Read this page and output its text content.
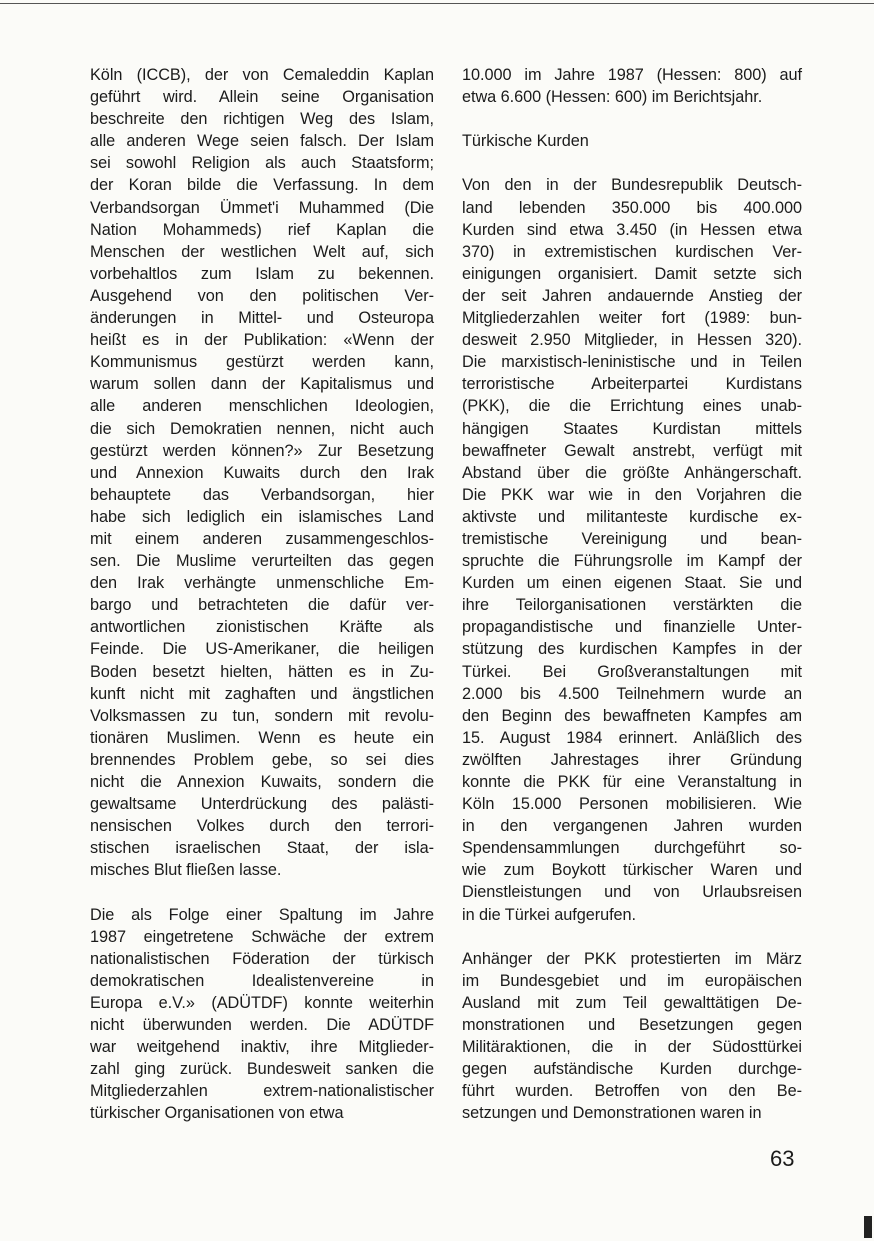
Köln (ICCB), der von Cemaleddin Kaplan
geführt wird. Allein seine Organisation
beschreite den richtigen Weg des Islam,
alle anderen Wege seien falsch. Der Islam
sei sowohl Religion als auch Staatsform;
der Koran bilde die Verfassung. In dem
Verbandsorgan Ümmet'i Muhammed (Die
Nation Mohammeds) rief Kaplan die
Menschen der westlichen Welt auf, sich
vorbehaltlos zum Islam zu bekennen.
Ausgehend von den politischen Ver-
änderungen in Mittel- und Osteuropa
heißt es in der Publikation: «Wenn der
Kommunismus gestürzt werden kann,
warum sollen dann der Kapitalismus und
alle anderen menschlichen Ideologien,
die sich Demokratien nennen, nicht auch
gestürzt werden können?» Zur Besetzung
und Annexion Kuwaits durch den Irak
behauptete das Verbandsorgan, hier
habe sich lediglich ein islamisches Land
mit einem anderen zusammengeschlos-
sen. Die Muslime verurteilten das gegen
den Irak verhängte unmenschliche Em-
bargo und betrachteten die dafür ver-
antwortlichen zionistischen Kräfte als
Feinde. Die US-Amerikaner, die heiligen
Boden besetzt hielten, hätten es in Zu-
kunft nicht mit zaghaften und ängstlichen
Volksmassen zu tun, sondern mit revolu-
tionären Muslimen. Wenn es heute ein
brennendes Problem gebe, so sei dies
nicht die Annexion Kuwaits, sondern die
gewaltsame Unterdrückung des palästi-
nensischen Volkes durch den terrori-
stischen israelischen Staat, der isla-
misches Blut fließen lasse.

Die als Folge einer Spaltung im Jahre
1987 eingetretene Schwäche der extrem
nationalistischen Föderation der türkisch
demokratischen Idealistenvereine in
Europa e.V.» (ADÜTDF) konnte weiterhin
nicht überwunden werden. Die ADÜTDF
war weitgehend inaktiv, ihre Mitglieder-
zahl ging zurück. Bundesweit sanken die
Mitgliederzahlen extrem-nationalistischer
türkischer Organisationen von etwa

10.000 im Jahre 1987 (Hessen: 800) auf
etwa 6.600 (Hessen: 600) im Berichtsjahr.

Türkische Kurden

Von den in der Bundesrepublik Deutsch-
land lebenden 350.000 bis 400.000
Kurden sind etwa 3.450 (in Hessen etwa
370) in extremistischen kurdischen Ver-
einigungen organisiert. Damit setzte sich
der seit Jahren andauernde Anstieg der
Mitgliederzahlen weiter fort (1989: bun-
desweit 2.950 Mitglieder, in Hessen 320).
Die marxistisch-leninistische und in Teilen
terroristische Arbeiterpartei Kurdistans
(PKK), die die Errichtung eines unab-
hängigen Staates Kurdistan mittels
bewaffneter Gewalt anstrebt, verfügt mit
Abstand über die größte Anhängerschaft.
Die PKK war wie in den Vorjahren die
aktivste und militanteste kurdische ex-
tremistische Vereinigung und bean-
spruchte die Führungsrolle im Kampf der
Kurden um einen eigenen Staat. Sie und
ihre Teilorganisationen verstärkten die
propagandistische und finanzielle Unter-
stützung des kurdischen Kampfes in der
Türkei. Bei Großveranstaltungen mit
2.000 bis 4.500 Teilnehmern wurde an
den Beginn des bewaffneten Kampfes am
15. August 1984 erinnert. Anläßlich des
zwölften Jahrestages ihrer Gründung
konnte die PKK für eine Veranstaltung in
Köln 15.000 Personen mobilisieren. Wie
in den vergangenen Jahren wurden
Spendensammlungen durchgeführt so-
wie zum Boykott türkischer Waren und
Dienstleistungen und von Urlaubsreisen
in die Türkei aufgerufen.

Anhänger der PKK protestierten im März
im Bundesgebiet und im europäischen
Ausland mit zum Teil gewalttätigen De-
monstrationen und Besetzungen gegen
Militäraktionen, die in der Südosttürkei
gegen aufständische Kurden durchge-
führt wurden. Betroffen von den Be-
setzungen und Demonstrationen waren in

63
